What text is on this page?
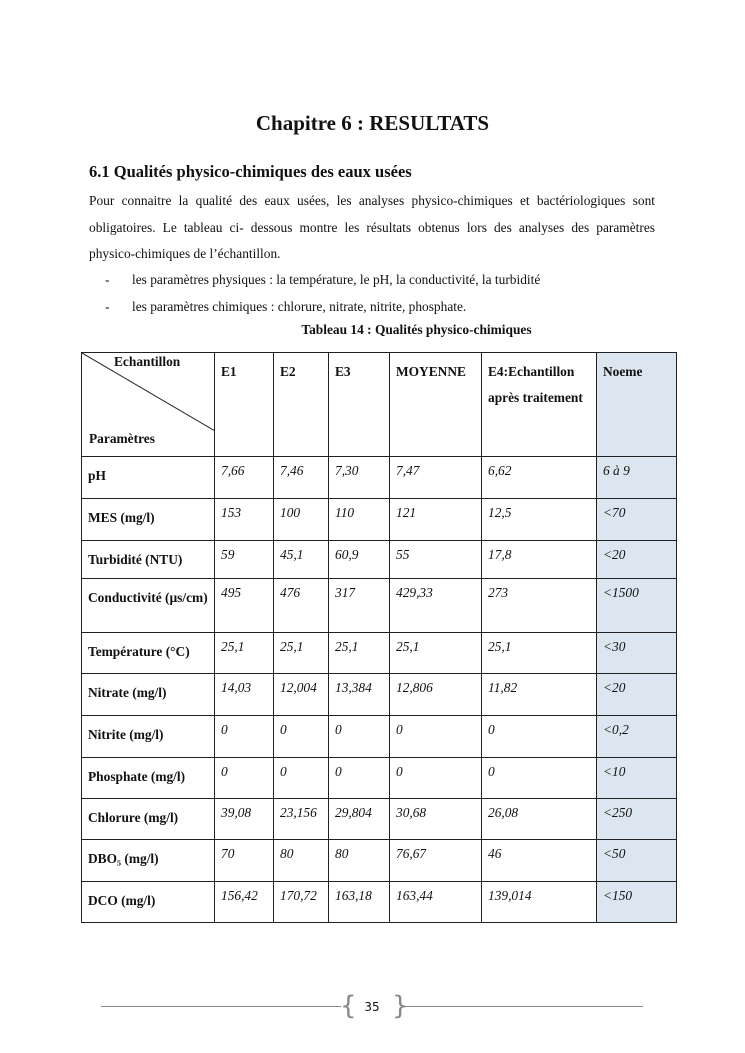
Chapitre 6 : RESULTATS
6.1 Qualités physico-chimiques des eaux usées
Pour connaitre la qualité des eaux usées, les analyses physico-chimiques et bactériologiques sont obligatoires. Le tableau ci- dessous montre les résultats obtenus lors des analyses des paramètres physico-chimiques de l’échantillon.
- les paramètres physiques : la température, le pH, la conductivité, la turbidité
- les paramètres chimiques : chlorure, nitrate, nitrite, phosphate.
Tableau 14 : Qualités physico-chimiques
Echantillon
Paramètres	E1	E2	E3	MOYENNE	E4:Echantillon après traitement	Noeme
pH	7,66	7,46	7,30	7,47	6,62	6 à 9
MES (mg/l)	153	100	110	121	12,5	<70
Turbidité (NTU)	59	45,1	60,9	55	17,8	<20
Conductivité (µs/cm)	495	476	317	429,33	273	<1500
Température (°C)	25,1	25,1	25,1	25,1	25,1	<30
Nitrate (mg/l)	14,03	12,004	13,384	12,806	11,82	<20
Nitrite (mg/l)	0	0	0	0	0	<0,2
Phosphate (mg/l)	0	0	0	0	0	<10
Chlorure (mg/l)	39,08	23,156	29,804	30,68	26,08	<250
DBO₅ (mg/l)	70	80	80	76,67	46	<50
DCO (mg/l)	156,42	170,72	163,18	163,44	139,014	<150
{ }
35
